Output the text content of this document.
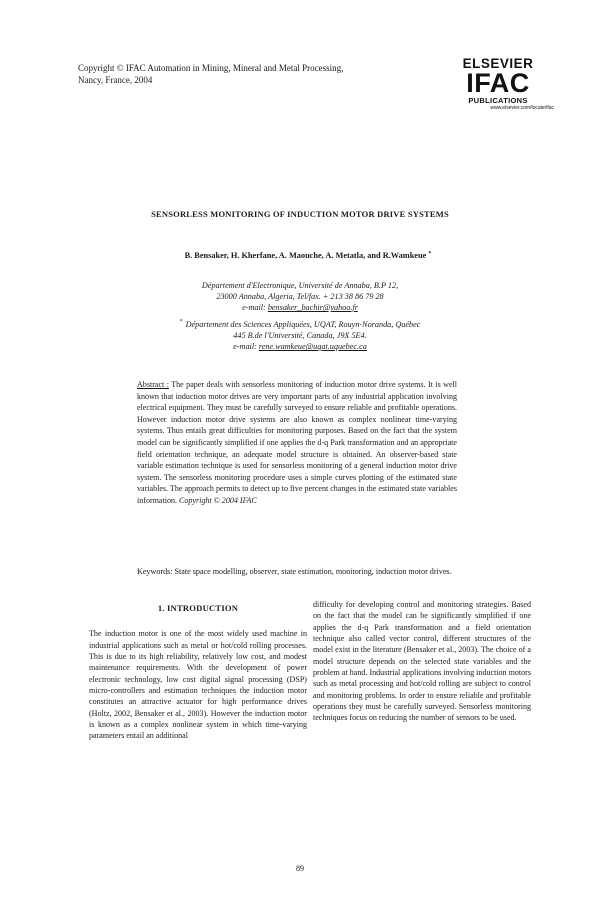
Copyright © IFAC Automation in Mining, Mineral and Metal Processing,
Nancy, France, 2004
ELSEVIER
IFAC
PUBLICATIONS
www.elsevier.com/locate/ifac
SENSORLESS MONITORING OF INDUCTION MOTOR DRIVE SYSTEMS
B. Bensaker, H. Kherfane, A. Maouche, A. Metatla, and R.Wamkeue *
Département d'Electronique, Université de Annaba, B.P 12,
23000 Annaba, Algeria, Tel/fax. + 213 38 86 79 28
e-mail: bensaker_bachir@yahoo.fr
* Département des Sciences Appliquées, UQAT, Rouyn-Noranda, Québec
445 B.de l'Université, Canada, J9X 5E4.
e-mail: rene.wamkeue@uqat.uquebec.ca
Abstract : The paper deals with sensorless monitoring of induction motor drive systems. It is well known that induction motor drives are very important parts of any industrial application involving electrical equipment. They must be carefully surveyed to ensure reliable and profitable operations. However induction motor drive systems are also known as complex nonlinear time-varying systems. Thus entails great difficulties for monitoring purposes. Based on the fact that the system model can be significantly simplified if one applies the d-q Park transformation and an appropriate field orientation technique, an adequate model structure is obtained. An observer-based state variable estimation technique is used for sensorless monitoring of a general induction motor drive system. The sensorless monitoring procedure uses a simple curves plotting of the estimated state variables. The approach permits to detect up to five percent changes in the estimated state variables information. Copyright © 2004 IFAC
Keywords: State space modelling, observer, state estimation, monitoring, induction motor drives.
1. INTRODUCTION
The induction motor is one of the most widely used machine in industrial applications such as metal or hot/cold rolling processes. This is due to its high reliability, relatively low cost, and modest maintenance requirements. With the development of power electronic technology, low cost digital signal processing (DSP) micro-controllers and estimation techniques the induction motor constitutes an attractive actuator for high performance drives (Holtz, 2002, Bensaker et al., 2003). However the induction motor is known as a complex nonlinear system in which time-varying parameters entail an additional
difficulty for developing control and monitoring strategies. Based on the fact that the model can be significantly simplified if one applies the d-q Park transformation and a field orientation technique also called vector control, different structures of the model exist in the literature (Bensaker et al., 2003). The choice of a model structure depends on the selected state variables and the problem at hand. Industrial applications involving induction motors such as metal processing and hot/cold rolling are subject to control and monitoring problems. In order to ensure reliable and profitable operations they must be carefully surveyed. Sensorless monitoring techniques focus on reducing the number of sensors to be used.
89
